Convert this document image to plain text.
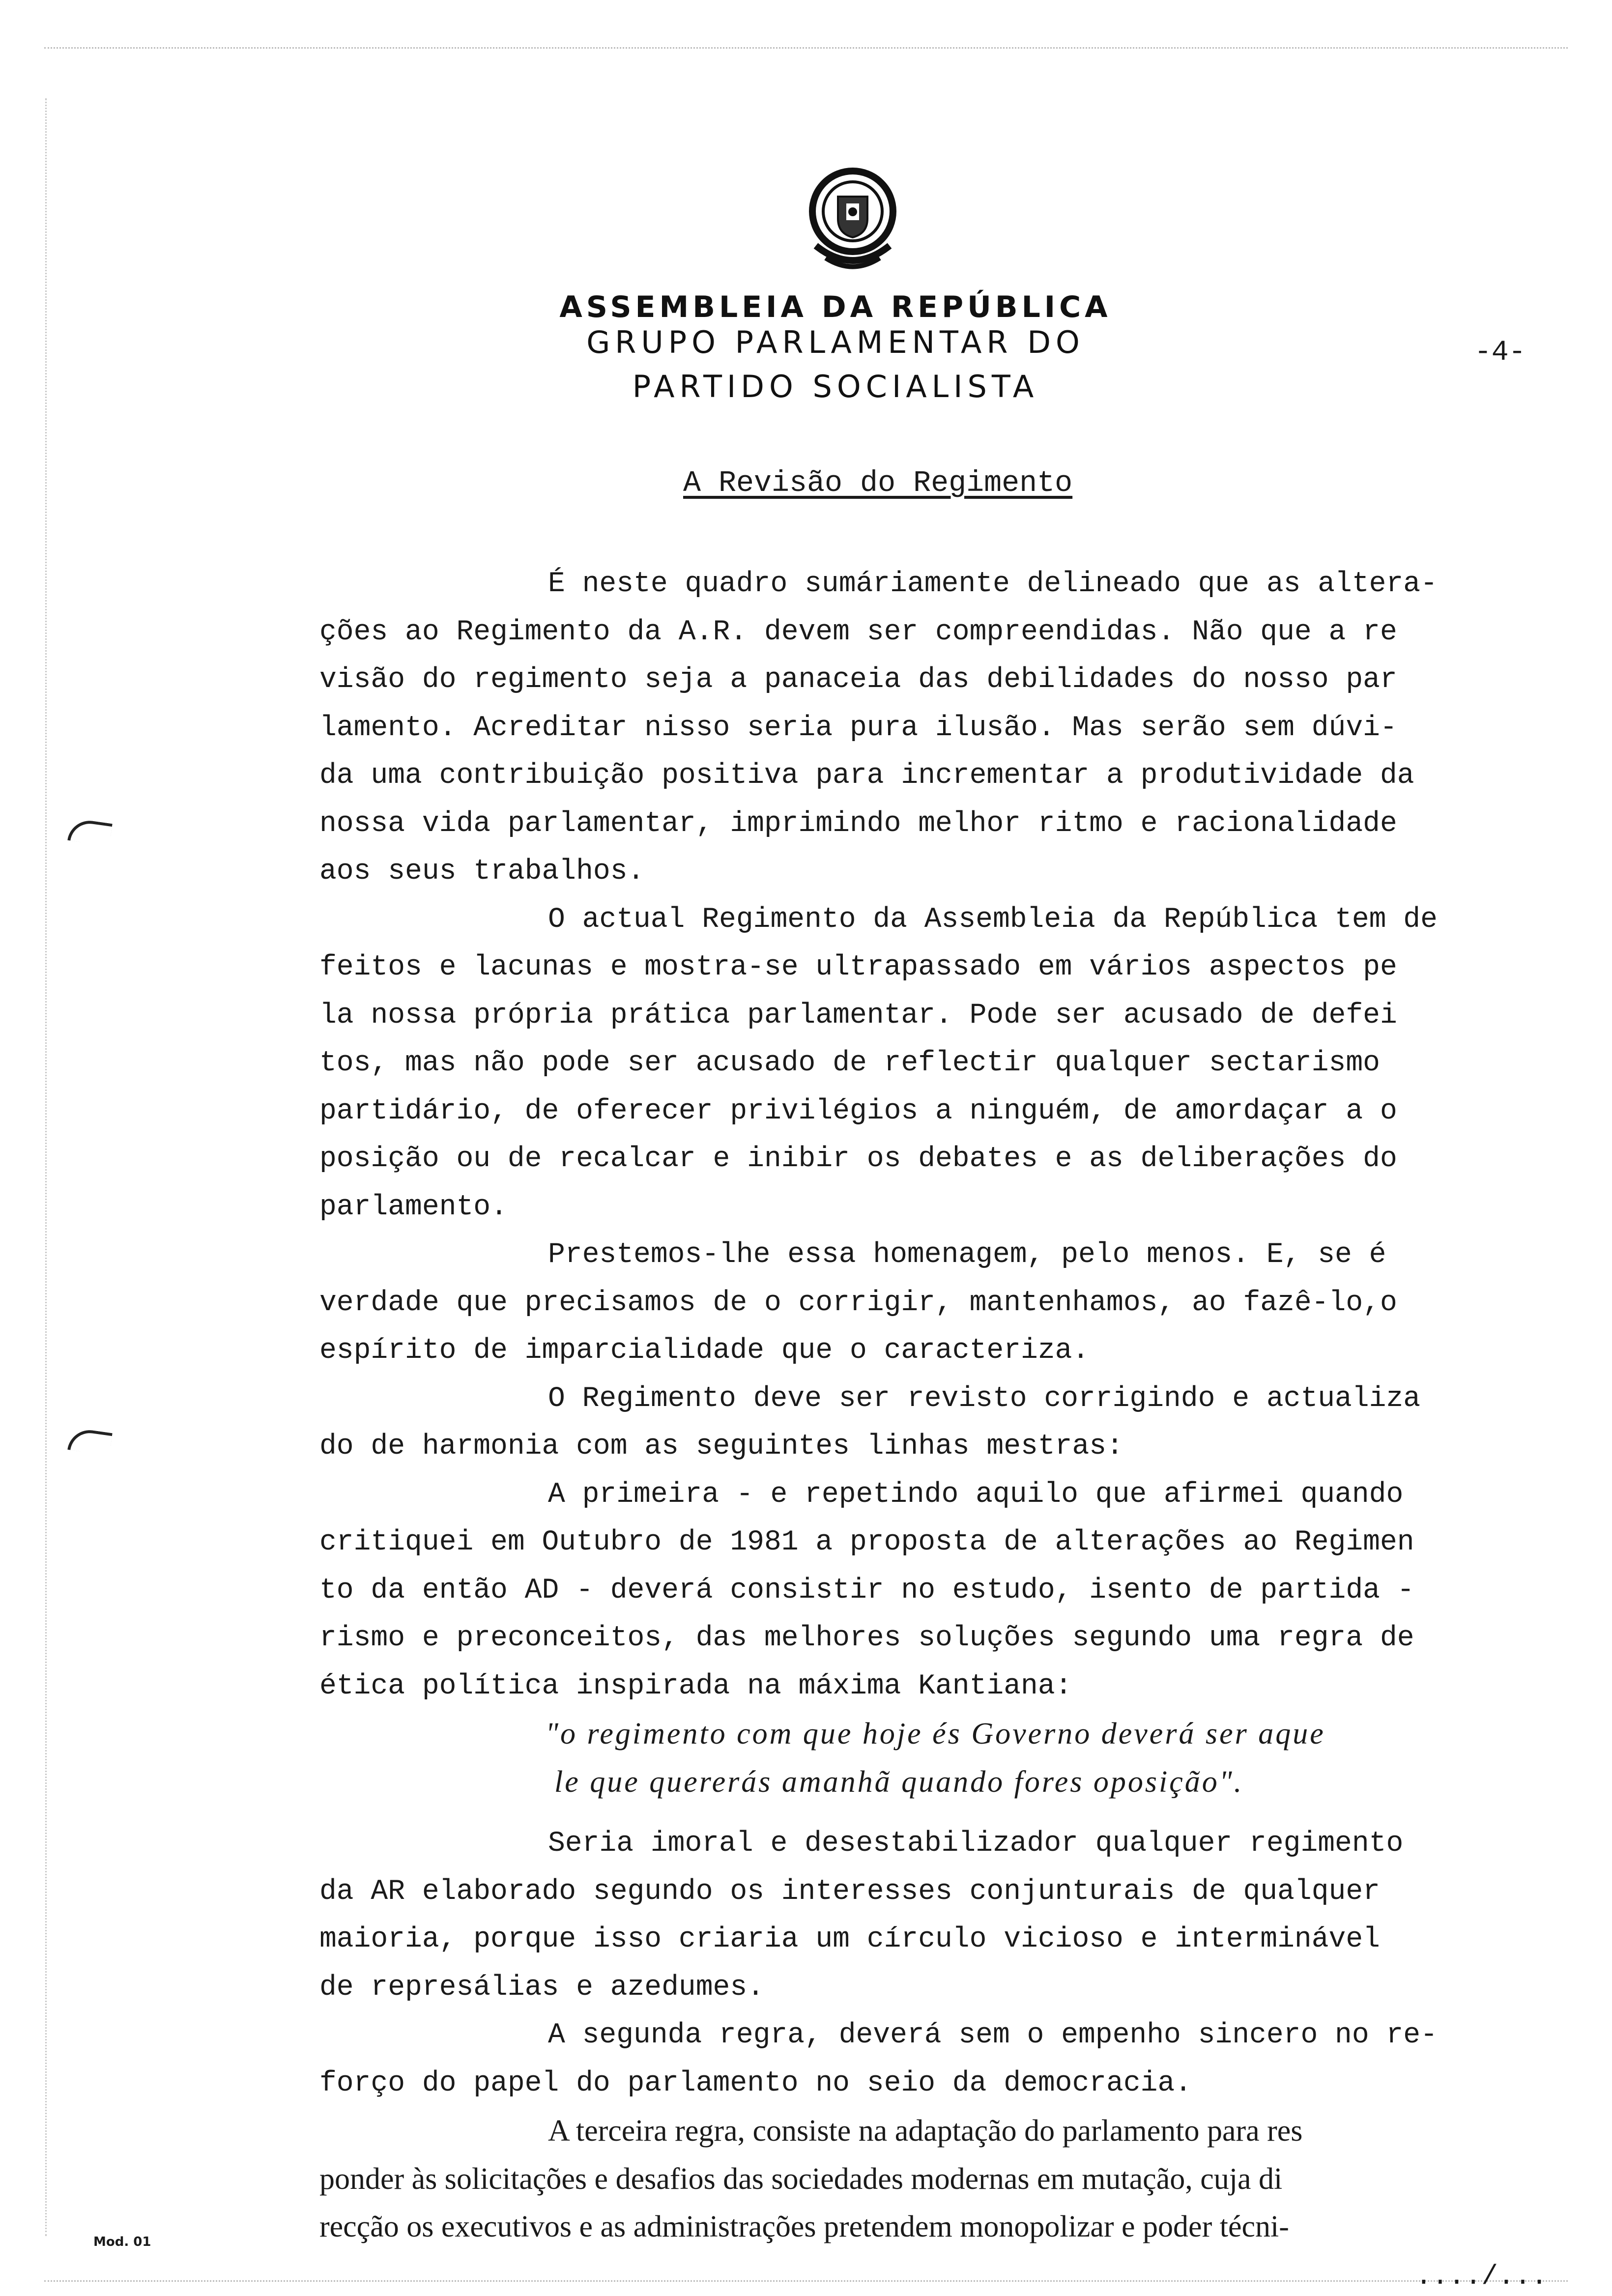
ASSEMBLEIA DA REPÚBLICA
GRUPO PARLAMENTAR DO
PARTIDO SOCIALISTA
-4-
A Revisão do Regimento
É neste quadro sumáriamente delineado que as altera-
ções ao Regimento da A.R. devem ser compreendidas. Não que a re
visão do regimento seja a panaceia das debilidades do nosso par
lamento. Acreditar nisso seria pura ilusão. Mas serão sem dúvi-
da uma contribuição positiva para incrementar a produtividade da
nossa vida parlamentar, imprimindo melhor ritmo e racionalidade
aos seus trabalhos.
O actual Regimento da Assembleia da República tem de
feitos e lacunas e mostra-se ultrapassado em vários aspectos pe
la nossa própria prática parlamentar. Pode ser acusado de defei
tos, mas não pode ser acusado de reflectir qualquer sectarismo
partidário, de oferecer privilégios a ninguém, de amordaçar a o
posição ou de recalcar e inibir os debates e as deliberações do
parlamento.
Prestemos-lhe essa homenagem, pelo menos. E, se é
verdade que precisamos de o corrigir, mantenhamos, ao fazê-lo,o
espírito de imparcialidade que o caracteriza.
O Regimento deve ser revisto corrigindo e actualiza
do de harmonia com as seguintes linhas mestras:
A primeira - e repetindo aquilo que afirmei quando
critiquei em Outubro de 1981 a proposta de alterações ao Regimen
to da então AD - deverá consistir no estudo, isento de partida -
rismo e preconceitos, das melhores soluções segundo uma regra de
ética política inspirada na máxima Kantiana:
"o regimento com que hoje és Governo deverá ser aque
le que quererás amanhã quando fores oposição".
Seria imoral e desestabilizador qualquer regimento
da AR elaborado segundo os interesses conjunturais de qualquer
maioria, porque isso criaria um círculo vicioso e interminável
de represálias e azedumes.
A segunda regra, deverá sem o empenho sincero no re-
forço do papel do parlamento no seio da democracia.
A terceira regra, consiste na adaptação do parlamento para res
ponder às solicitações e desafios das sociedades modernas em mutação, cuja di
recção os executivos e as administrações pretendem monopolizar e poder técni-
Mod. 01
..../...
